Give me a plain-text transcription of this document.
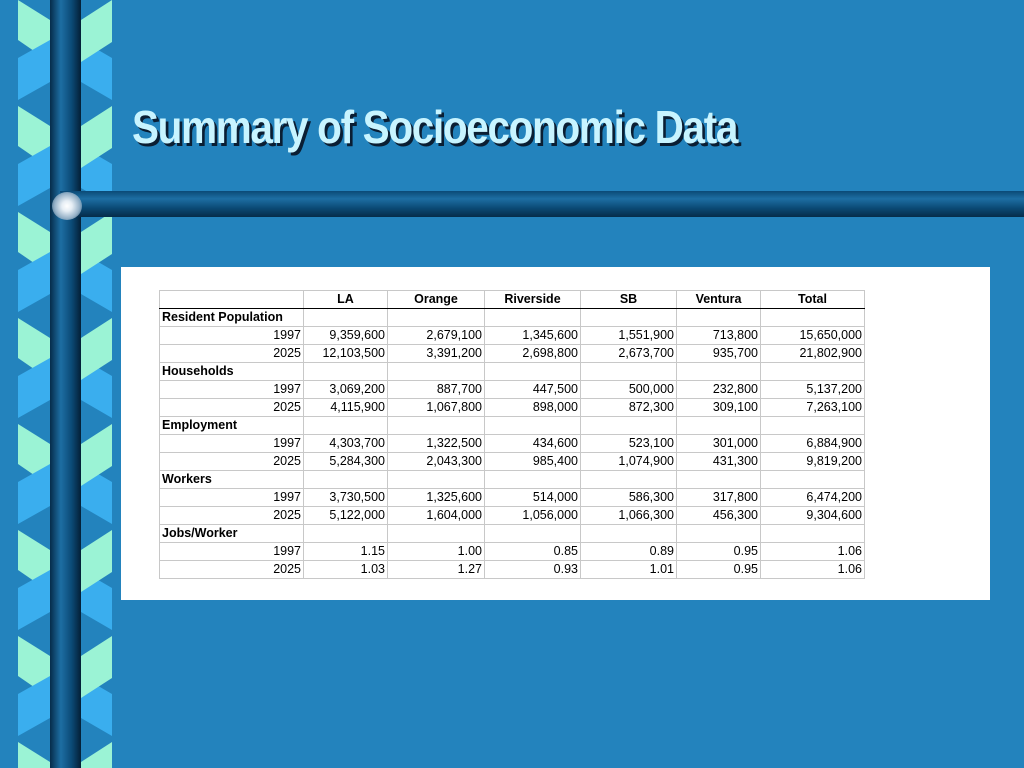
Summary of Socioeconomic Data
	LA	Orange	Riverside	SB	Ventura	Total
Resident Population						
1997	9,359,600	2,679,100	1,345,600	1,551,900	713,800	15,650,000
2025	12,103,500	3,391,200	2,698,800	2,673,700	935,700	21,802,900
Households						
1997	3,069,200	887,700	447,500	500,000	232,800	5,137,200
2025	4,115,900	1,067,800	898,000	872,300	309,100	7,263,100
Employment						
1997	4,303,700	1,322,500	434,600	523,100	301,000	6,884,900
2025	5,284,300	2,043,300	985,400	1,074,900	431,300	9,819,200
Workers						
1997	3,730,500	1,325,600	514,000	586,300	317,800	6,474,200
2025	5,122,000	1,604,000	1,056,000	1,066,300	456,300	9,304,600
Jobs/Worker						
1997	1.15	1.00	0.85	0.89	0.95	1.06
2025	1.03	1.27	0.93	1.01	0.95	1.06
